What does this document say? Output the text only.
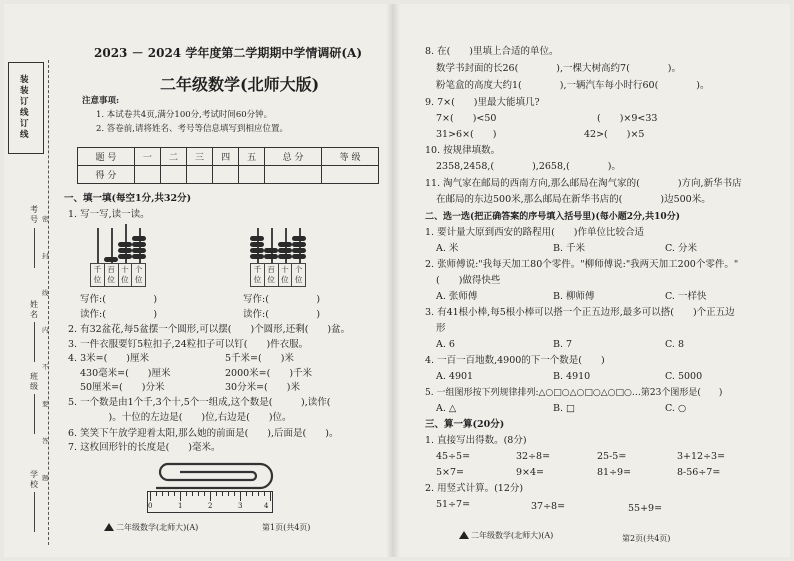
装装订线订线
考号
姓名
班级
学校
密
封
线
内
不
要
答
题
2023 － 2024 学年度第二学期期中学情调研(A)
二年级数学(北师大版)
注意事项:
1. 本试卷共4页,满分100分,考试时间60分钟。
2. 答卷前,请将姓名、考号等信息填写到相应位置。
题 号	一	二	三	四	五	总 分	等 级
得 分							
一、填一填(每空1分,共32分)
1. 写一写,读一读。
千位
百位
十位
个位
千位
百位
十位
个位
写作:(　　　　　)
读作:(　　　　　)
写作:(　　　　　)
读作:(　　　　　)
2. 有32盆花,每5盆摆一个圆形,可以摆(　　)个圆形,还剩(　　)盆。
3. 一件衣服要钉5粒扣子,24粒扣子可以钉(　　)件衣服。
4. 3米=(　　)厘米	5千米=(　　)米
430毫米=(　　)厘米	2000米=(　　)千米
50厘米=(　　)分米	30分米=(　　)米
5. 一个数是由1个千,3个十,5个一组成,这个数是(　　　),读作(
　　　)。十位的左边是(　　)位,右边是(　　)位。
6. 笑笑下午放学迎着太阳,那么她的前面是(　　),后面是(　　)。
7. 这枚回形针的长度是(　　)毫米。
0	1	2	3	4
二年级数学(北师大)(A)	第1页(共4页)
8. 在(　　)里填上合适的单位。
数学书封面的长26(　　　　),一棵大树高约7(　　　　)。
粉笔盒的高度大约1(　　　　),一辆汽车每小时行60(　　　　)。
9. 7×(　　)里最大能填几?
7×(　　)<50	(　　)×9<33
31>6×(　　)	42>(　　)×5
10. 按规律填数。
2358,2458,(　　　　),2658,(　　　　)。
11. 淘气家在邮局的西南方向,那么邮局在淘气家的(　　　　)方向,新华书店
在邮局的东边500米,那么邮局在新华书店的(　　　　)边500米。
二、选一选(把正确答案的序号填入括号里)(每小题2分,共10分)
1. 要计量大原到西安的路程用(　　)作单位比较合适
A. 米	B. 千米	C. 分米
2. 张师傅说:"我每天加工80个零件。"柳师傅说:"我两天加工200个零件。"
(　　)做得快些
A. 张师傅	B. 柳师傅	C. 一样快
3. 有41根小棒,每5根小棒可以搭一个正五边形,最多可以搭(　　)个正五边
形
A. 6	B. 7	C. 8
4. 一百一百地数,4900的下一个数是(　　)
A. 4901	B. 4910	C. 5000
5. 一组图形按下列规律排列:△○□○△○□○△○□○…第23个图形是(　　)
A. △	B. □	C. ○
三、算一算(20分)
1. 直接写出得数。(8分)
45÷5=	32÷8=	25-5=	3+12÷3=
5×7=	9×4=	81÷9=	8-56÷7=
2. 用竖式计算。(12分)
51÷7=	37÷8=	55+9=
二年级数学(北师大)(A)	第2页(共4页)
